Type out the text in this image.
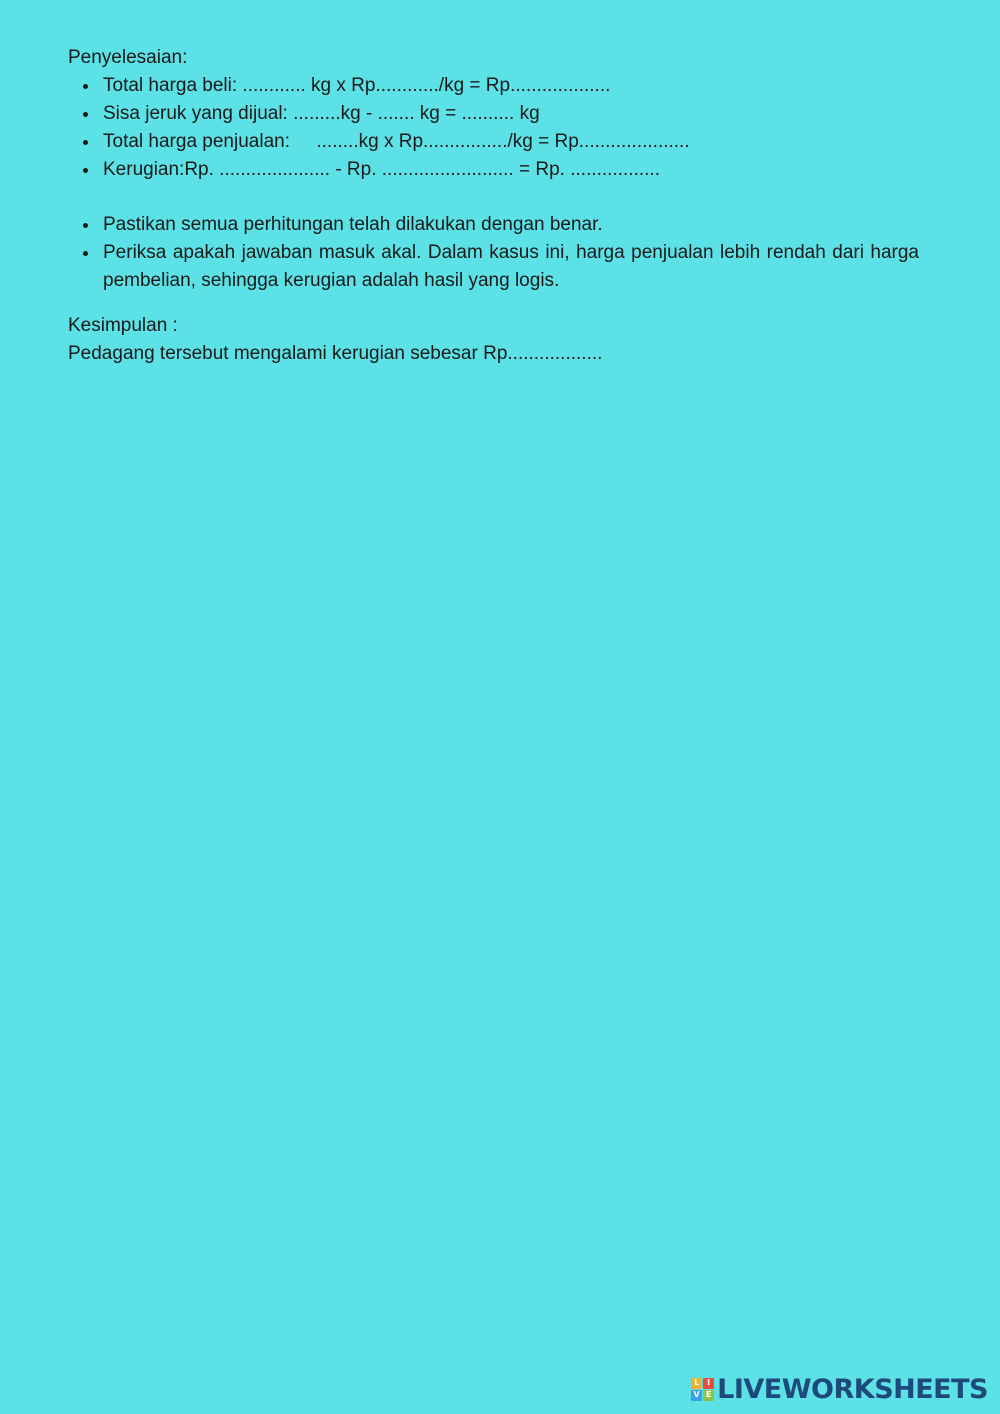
Penyelesaian:

Total harga beli: ............ kg x Rp............/kg = Rp...................
Sisa jeruk yang dijual: .........kg - ....... kg = .......... kg
Total harga penjualan:     ........kg x Rp................/kg = Rp.....................
Kerugian:Rp. ..................... - Rp. ......................... = Rp. .................
Pastikan semua perhitungan telah dilakukan dengan benar.
Periksa apakah jawaban masuk akal. Dalam kasus ini, harga penjualan lebih rendah dari harga pembelian, sehingga kerugian adalah hasil yang logis.

Kesimpulan :

Pedagang tersebut mengalami kerugian sebesar Rp..................

L I
V E LIVEWORKSHEETS
